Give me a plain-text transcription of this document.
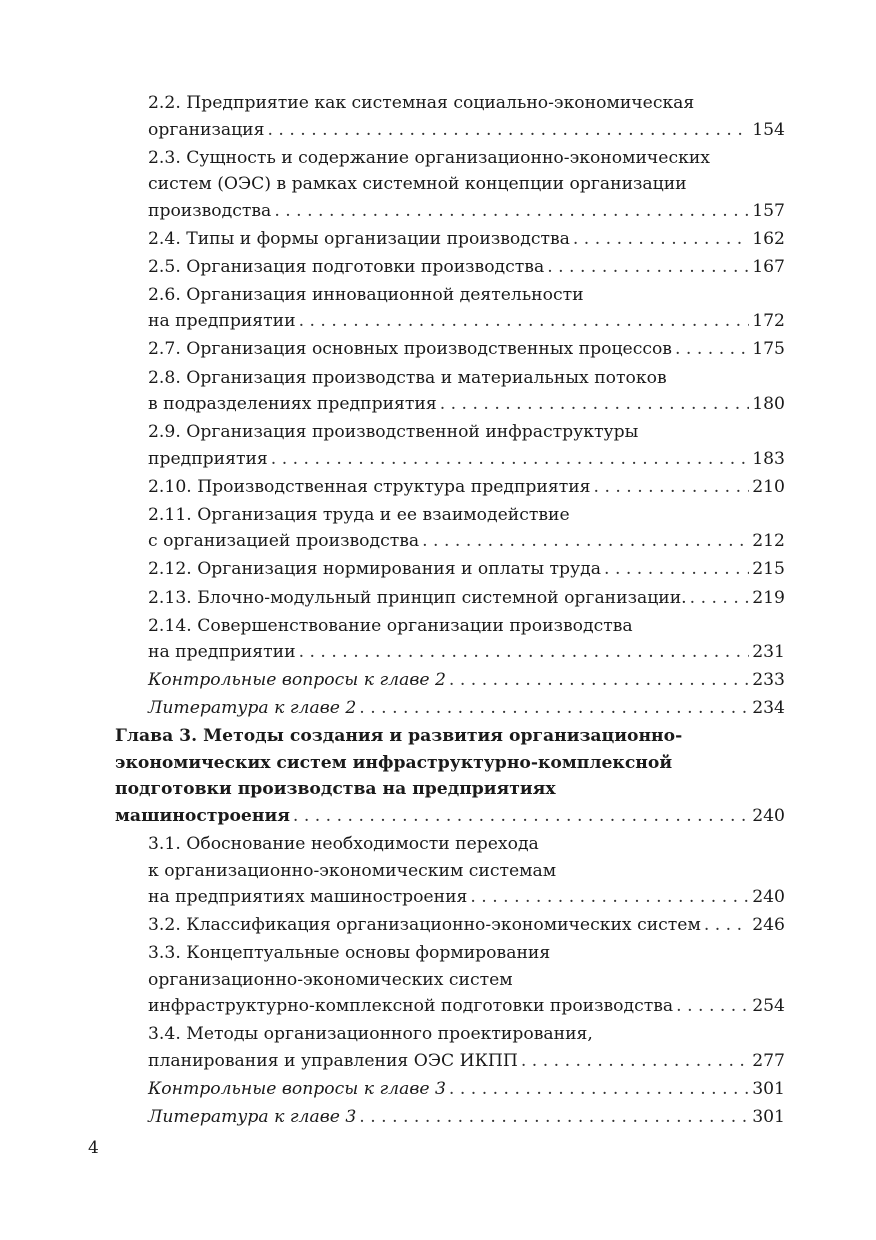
2.2. Предприятие как системная социально-экономическая
организация . . .	154
2.3. Сущность и содержание организационно-экономических
систем (ОЭС) в рамках системной концепции организации
производства . . .	157
2.4. Типы и формы организации производства . . .	162
2.5. Организация подготовки производства . . .	167
2.6. Организация инновационной деятельности
на предприятии . . .	172
2.7. Организация основных производственных процессов . . .	175
2.8. Организация производства и материальных потоков
в подразделениях предприятия . . .	180
2.9. Организация производственной инфраструктуры
предприятия . . .	183
2.10. Производственная структура предприятия . . .	210
2.11. Организация труда и ее взаимодействие
с организацией производства . . .	212
2.12. Организация нормирования и оплаты труда . . .	215
2.13. Блочно-модульный принцип системной организации. . . .	219
2.14. Совершенствование организации производства
на предприятии . . .	231
Контрольные вопросы к главе 2 . . .	233
Литература к главе 2 . . .	234
Глава 3. Методы создания и развития организационно-
экономических систем инфраструктурно-комплексной
подготовки производства на предприятиях
машиностроения . . .	240
3.1. Обоснование необходимости перехода
к организационно-экономическим системам
на предприятиях машиностроения . . .	240
3.2. Классификация организационно-экономических систем . . .	246
3.3. Концептуальные основы формирования
организационно-экономических систем
инфраструктурно-комплексной подготовки производства . . .	254
3.4. Методы организационного проектирования,
планирования и управления ОЭС ИКПП . . .	277
Контрольные вопросы к главе 3 . . .	301
Литература к главе 3 . . .	301
4
